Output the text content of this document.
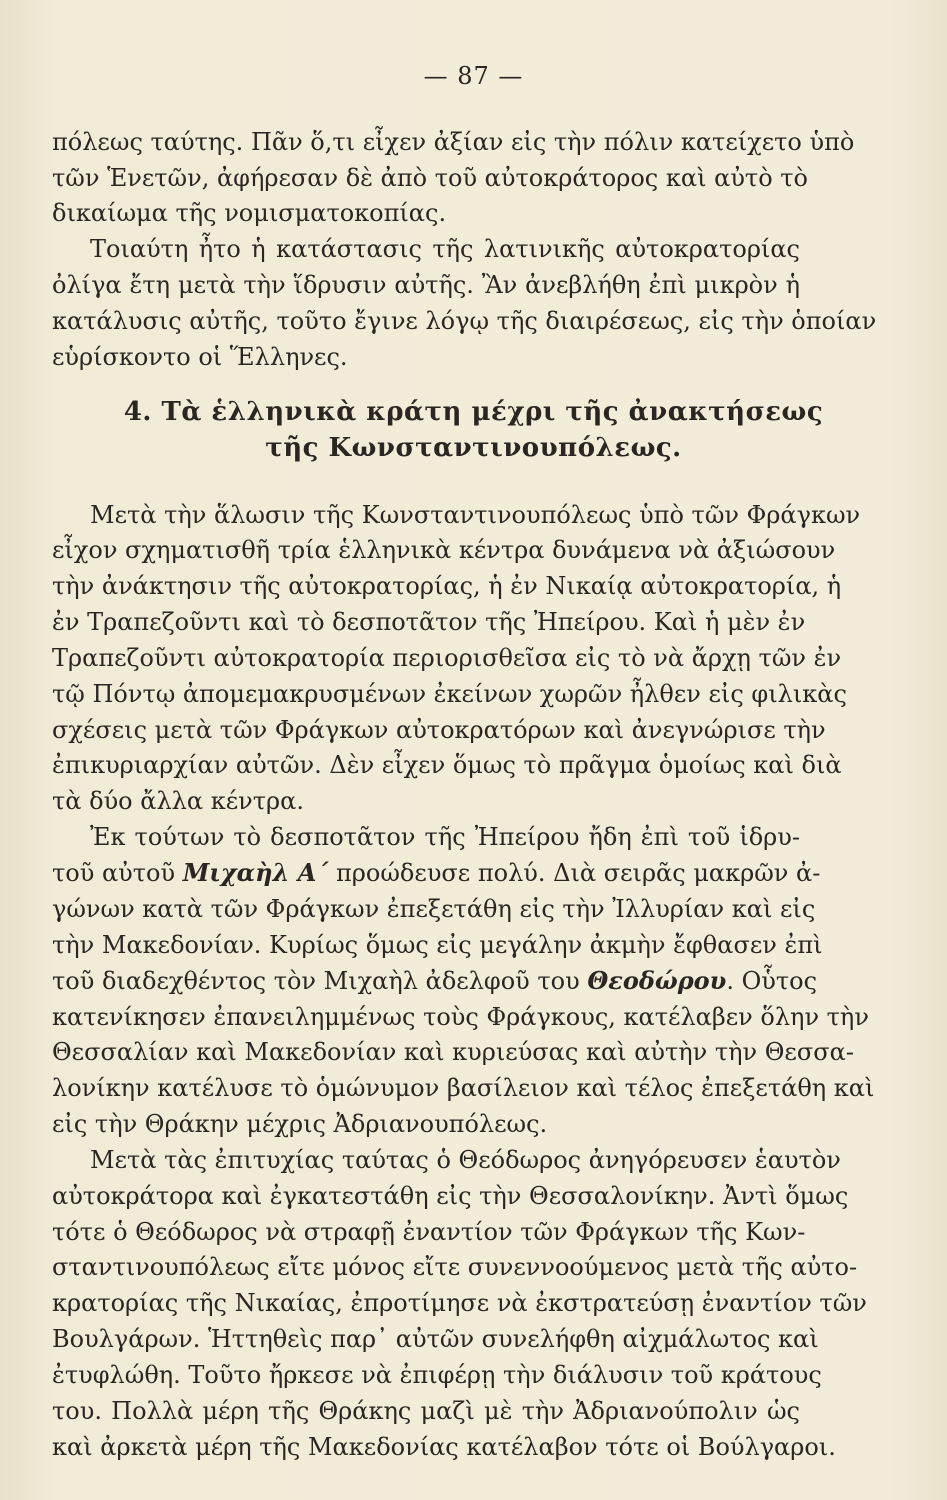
— 87 —
πόλεως ταύτης. Πᾶν ὅ,τι εἶχεν ἀξίαν εἰς τὴν πόλιν κατείχετο ὑπὸ
τῶν Ἑνετῶν, ἀφήρεσαν δὲ ἀπὸ τοῦ αὐτοκράτορος καὶ αὐτὸ τὸ
δικαίωμα τῆς νομισματοκοπίας.
Τοιαύτη ἦτο ἡ κατάστασις τῆς λατινικῆς αὐτοκρατορίας
ὀλίγα ἔτη μετὰ τὴν ἵδρυσιν αὐτῆς. Ἂν ἀνεβλήθη ἐπὶ μικρὸν ἡ
κατάλυσις αὐτῆς, τοῦτο ἔγινε λόγῳ τῆς διαιρέσεως, εἰς τὴν ὁποίαν
εὑρίσκοντο οἱ Ἕλληνες.
4. Τὰ ἑλληνικὰ κράτη μέχρι τῆς ἀνακτήσεως
τῆς Κωνσταντινουπόλεως.
Μετὰ τὴν ἅλωσιν τῆς Κωνσταντινουπόλεως ὑπὸ τῶν Φράγκων
εἶχον σχηματισθῆ τρία ἑλληνικὰ κέντρα δυνάμενα νὰ ἀξιώσουν
τὴν ἀνάκτησιν τῆς αὐτοκρατορίας, ἡ ἐν Νικαίᾳ αὐτοκρατορία, ἡ
ἐν Τραπεζοῦντι καὶ τὸ δεσποτᾶτον τῆς Ἠπείρου. Καὶ ἡ μὲν ἐν
Τραπεζοῦντι αὐτοκρατορία περιορισθεῖσα εἰς τὸ νὰ ἄρχῃ τῶν ἐν
τῷ Πόντῳ ἀπομεμακρυσμένων ἐκείνων χωρῶν ἦλθεν εἰς φιλικὰς
σχέσεις μετὰ τῶν Φράγκων αὐτοκρατόρων καὶ ἀνεγνώρισε τὴν
ἐπικυριαρχίαν αὐτῶν. Δὲν εἶχεν ὅμως τὸ πρᾶγμα ὁμοίως καὶ διὰ
τὰ δύο ἄλλα κέντρα.
Ἐκ τούτων τὸ δεσποτᾶτον τῆς Ἠπείρου ἤδη ἐπὶ τοῦ ἱδρυ-
τοῦ αὐτοῦ Μιχαὴλ Α΄ προώδευσε πολύ. Διὰ σειρᾶς μακρῶν ἀ-
γώνων κατὰ τῶν Φράγκων ἐπεξετάθη εἰς τὴν Ἰλλυρίαν καὶ εἰς
τὴν Μακεδονίαν. Κυρίως ὅμως εἰς μεγάλην ἀκμὴν ἔφθασεν ἐπὶ
τοῦ διαδεχθέντος τὸν Μιχαὴλ ἀδελφοῦ του Θεοδώρου. Οὗτος
κατενίκησεν ἐπανειλημμένως τοὺς Φράγκους, κατέλαβεν ὅλην τὴν
Θεσσαλίαν καὶ Μακεδονίαν καὶ κυριεύσας καὶ αὐτὴν τὴν Θεσσα-
λονίκην κατέλυσε τὸ ὁμώνυμον βασίλειον καὶ τέλος ἐπεξετάθη καὶ
εἰς τὴν Θράκην μέχρις Ἀδριανουπόλεως.
Μετὰ τὰς ἐπιτυχίας ταύτας ὁ Θεόδωρος ἀνηγόρευσεν ἑαυτὸν
αὐτοκράτορα καὶ ἐγκατεστάθη εἰς τὴν Θεσσαλονίκην. Ἀντὶ ὅμως
τότε ὁ Θεόδωρος νὰ στραφῇ ἐναντίον τῶν Φράγκων τῆς Κων-
σταντινουπόλεως εἴτε μόνος εἴτε συνεννοούμενος μετὰ τῆς αὐτο-
κρατορίας τῆς Νικαίας, ἐπροτίμησε νὰ ἐκστρατεύσῃ ἐναντίον τῶν
Βουλγάρων. Ἡττηθεὶς παρ᾽ αὐτῶν συνελήφθη αἰχμάλωτος καὶ
ἐτυφλώθη. Τοῦτο ἤρκεσε νὰ ἐπιφέρῃ τὴν διάλυσιν τοῦ κράτους
του. Πολλὰ μέρη τῆς Θράκης μαζὶ μὲ τὴν Ἀδριανούπολιν ὡς
καὶ ἀρκετὰ μέρη τῆς Μακεδονίας κατέλαβον τότε οἱ Βούλγαροι.
